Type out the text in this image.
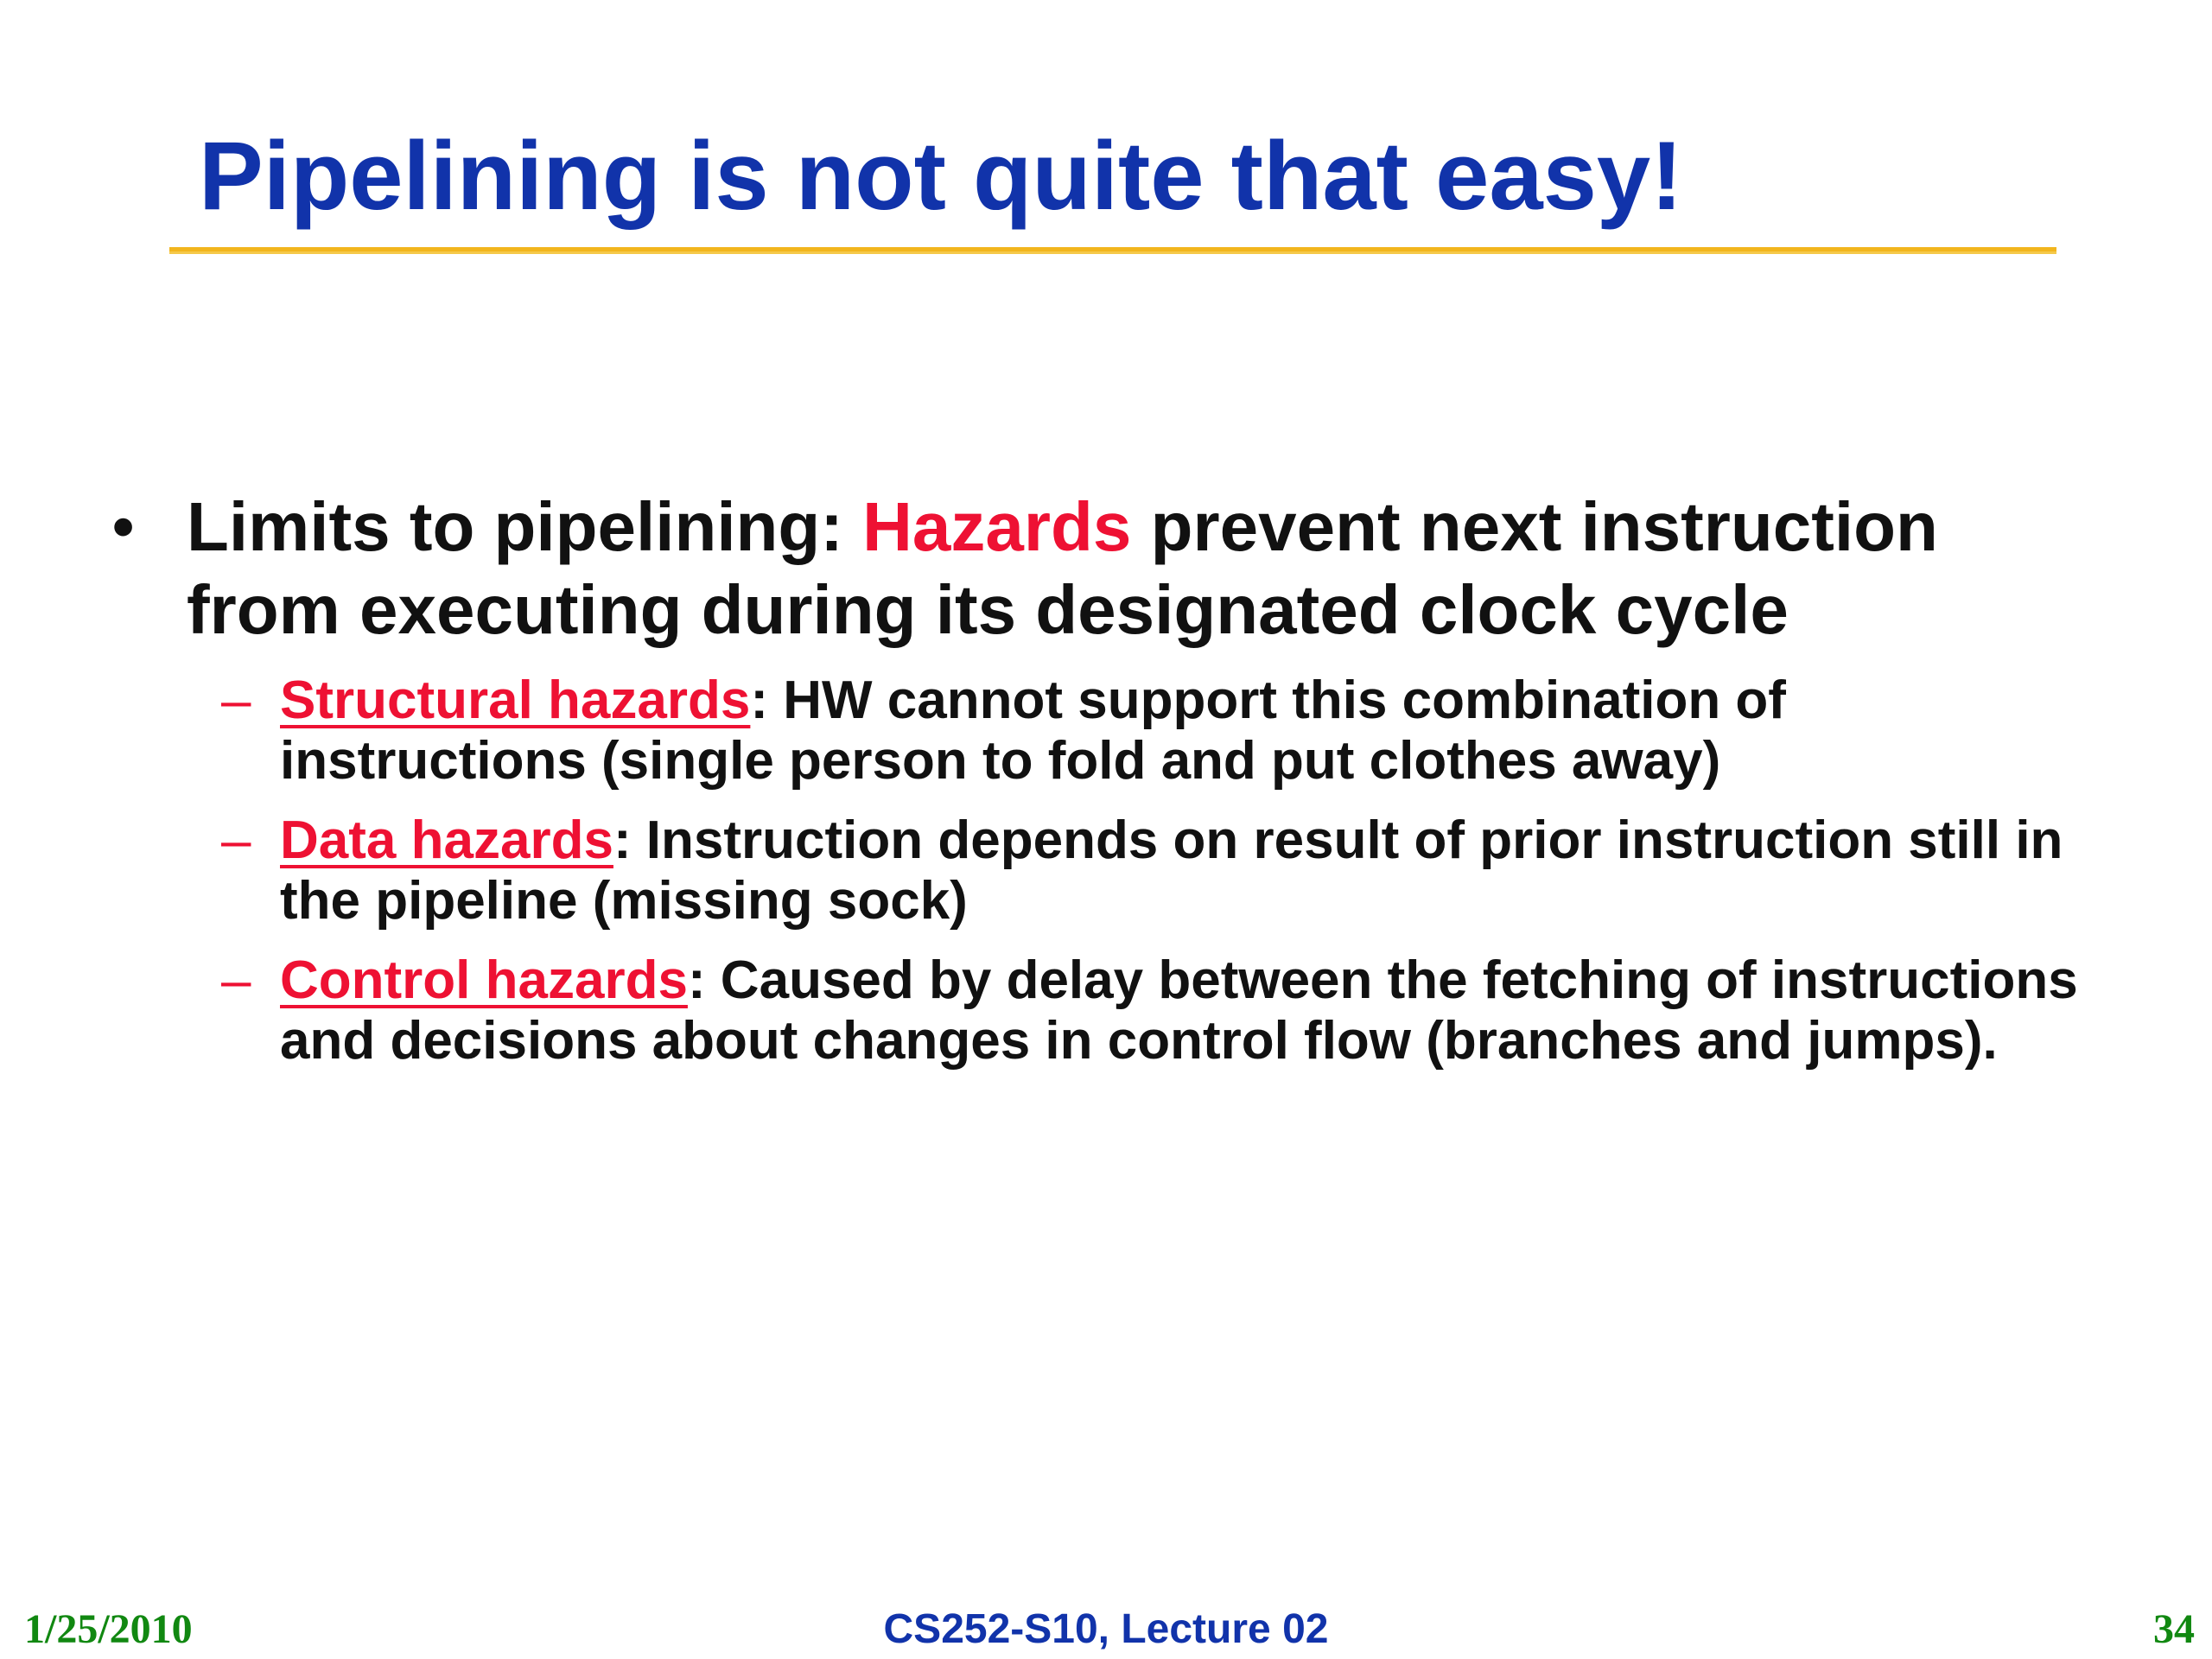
Pipelining is not quite that easy!
• Limits to pipelining: Hazards prevent next instruction from executing during its designated clock cycle
– Structural hazards: HW cannot support this combination of instructions (single person to fold and put clothes away)
– Data hazards: Instruction depends on result of prior instruction still in the pipeline (missing sock)
– Control hazards: Caused by delay between the fetching of instructions and decisions about changes in control flow (branches and jumps).
1/25/2010	CS252-S10, Lecture 02	34
